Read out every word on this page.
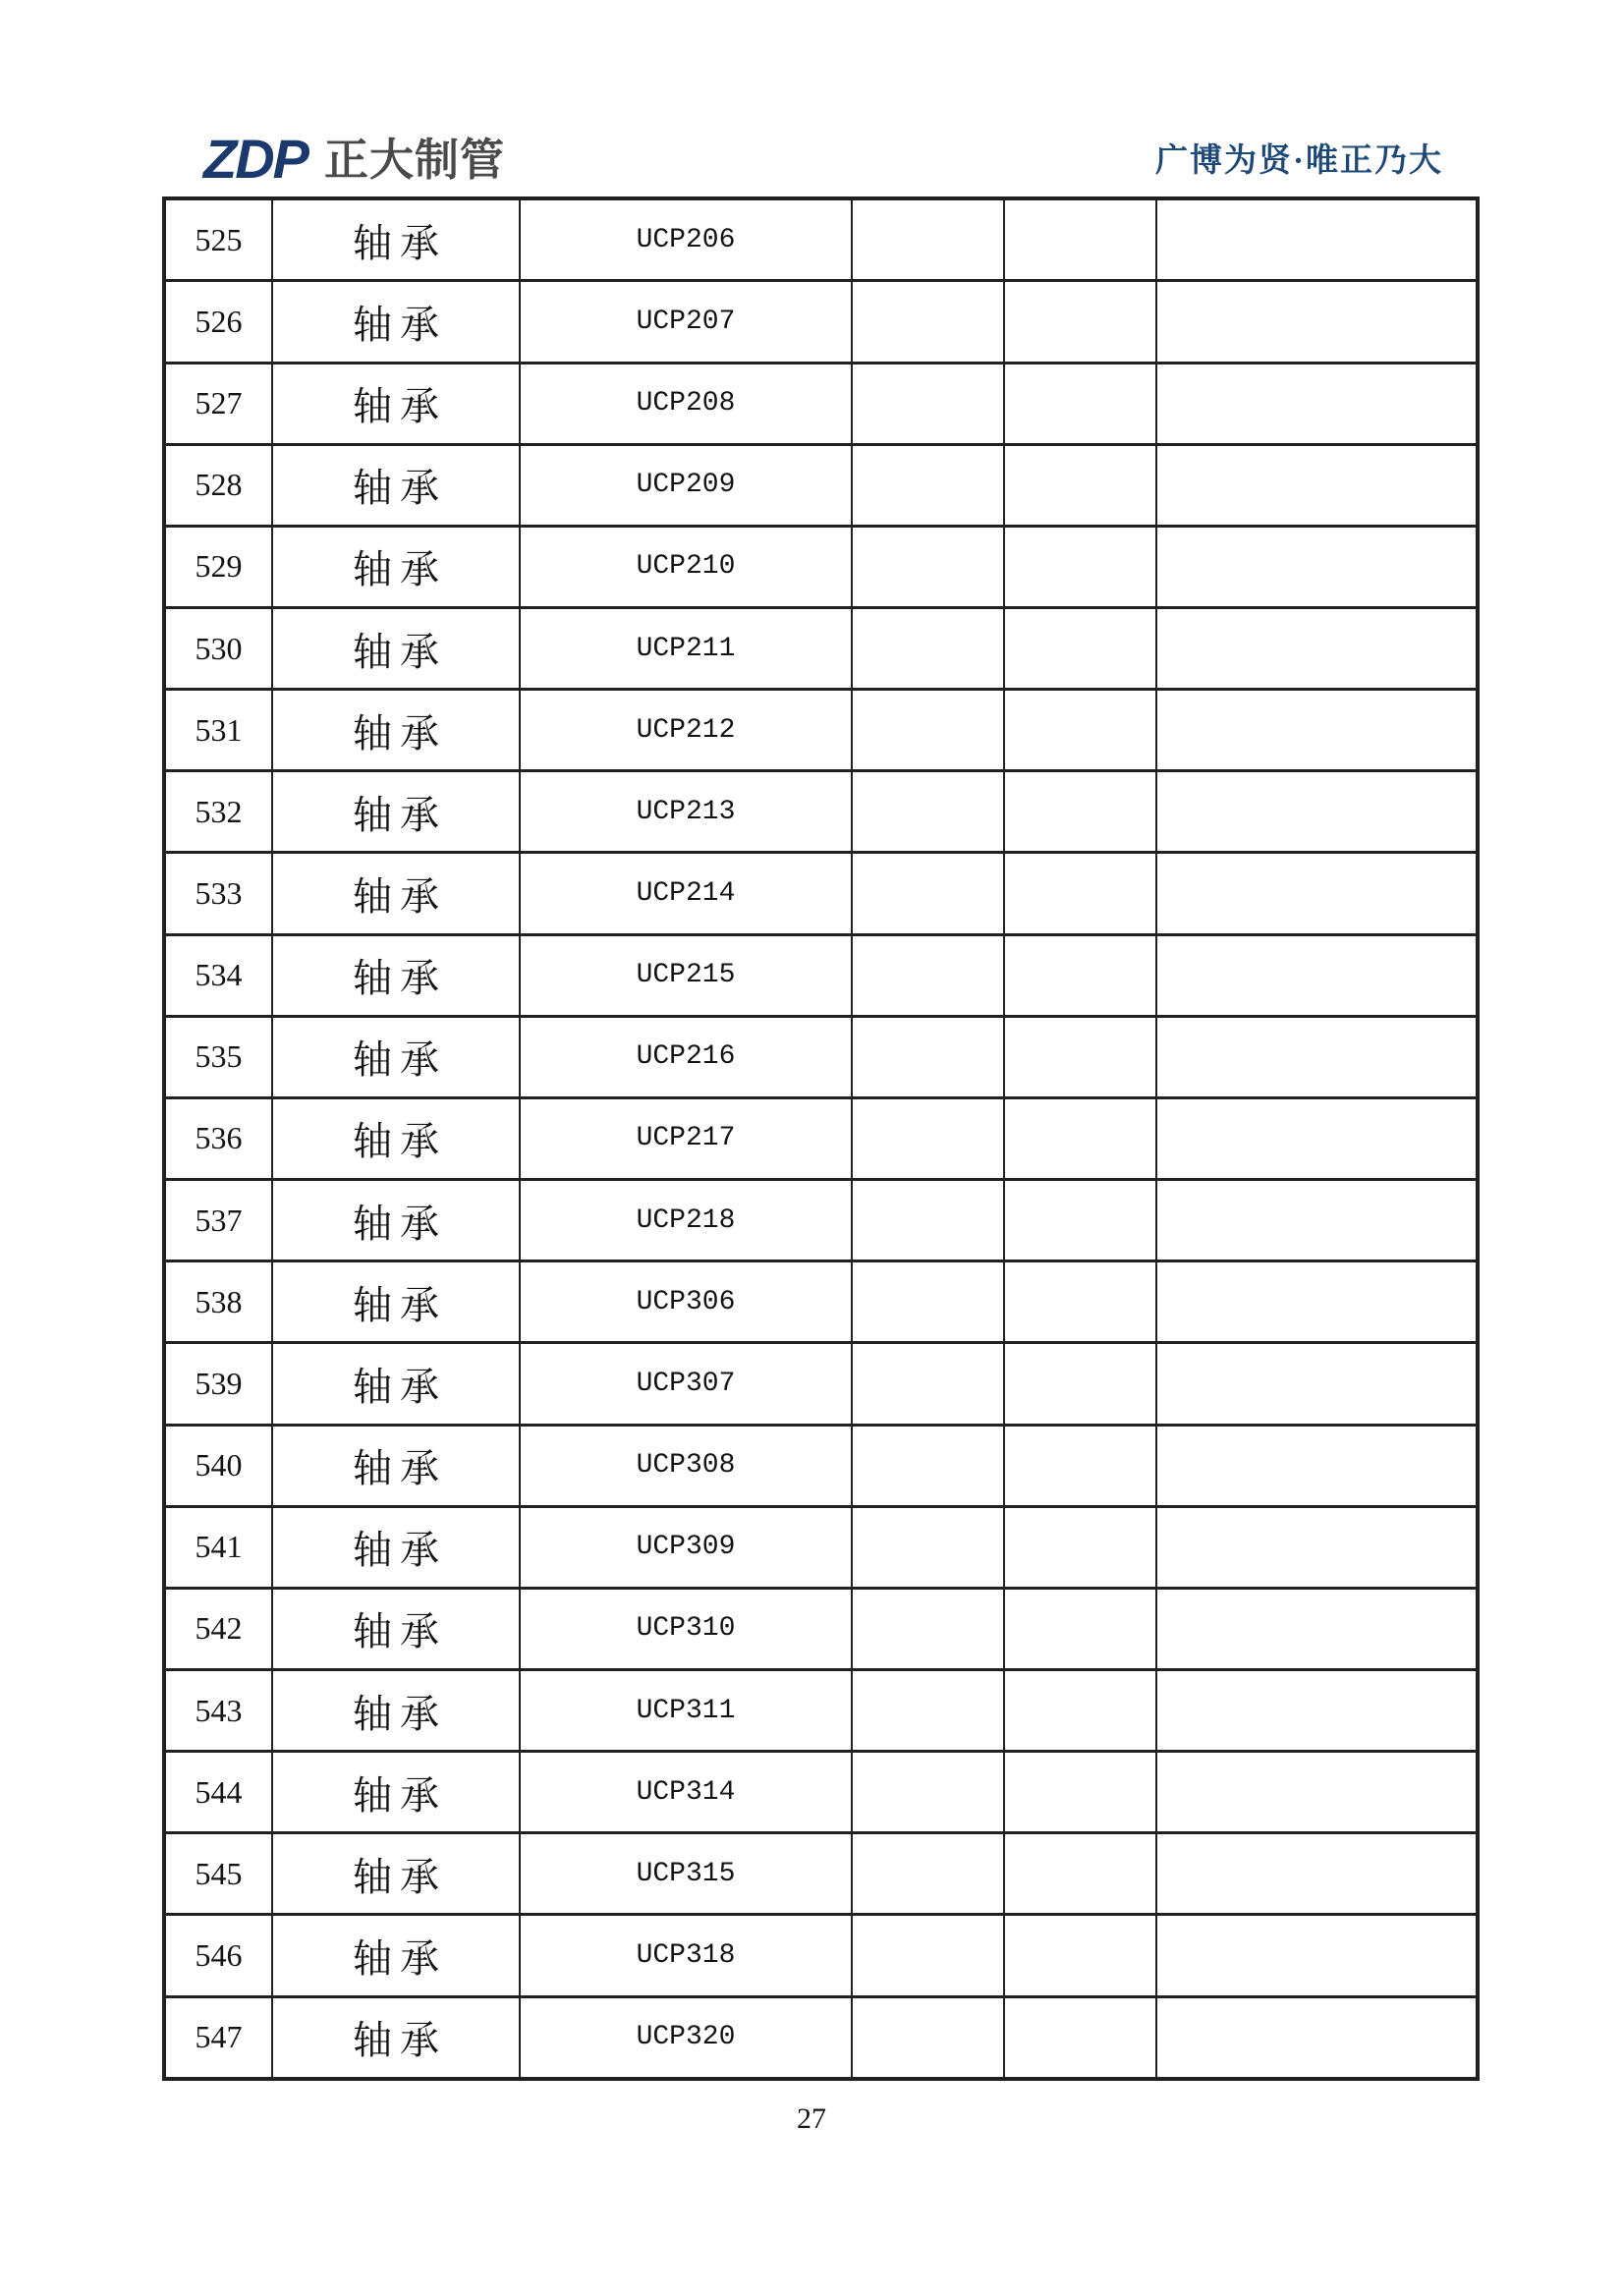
ZDP 正大制管	广博为贤·唯正乃大
525	轴承	UCP206			
526	轴承	UCP207			
527	轴承	UCP208			
528	轴承	UCP209			
529	轴承	UCP210			
530	轴承	UCP211			
531	轴承	UCP212			
532	轴承	UCP213			
533	轴承	UCP214			
534	轴承	UCP215			
535	轴承	UCP216			
536	轴承	UCP217			
537	轴承	UCP218			
538	轴承	UCP306			
539	轴承	UCP307			
540	轴承	UCP308			
541	轴承	UCP309			
542	轴承	UCP310			
543	轴承	UCP311			
544	轴承	UCP314			
545	轴承	UCP315			
546	轴承	UCP318			
547	轴承	UCP320			
27
